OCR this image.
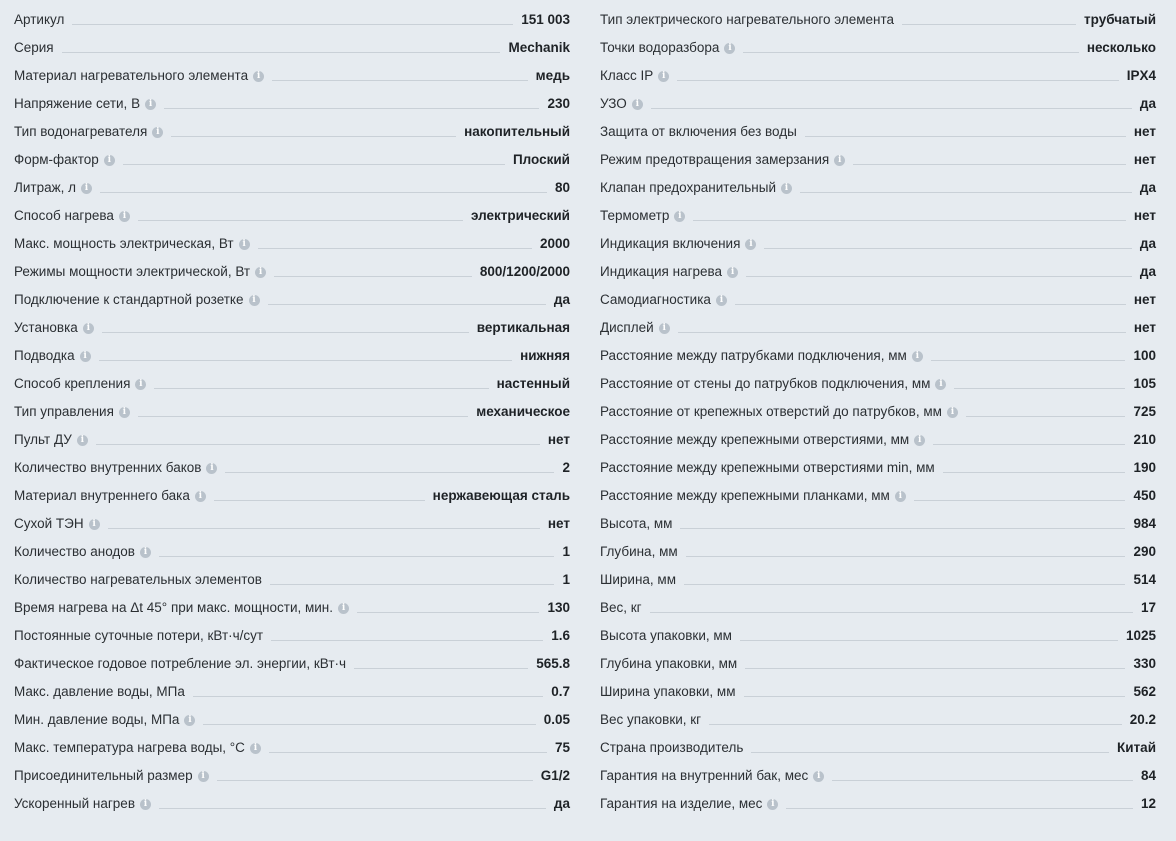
Артикул	151 003
Серия	Mechanik
Материал нагревательного элемента i	медь
Напряжение сети, В i	230
Тип водонагревателя i	накопительный
Форм-фактор i	Плоский
Литраж, л i	80
Способ нагрева i	электрический
Макс. мощность электрическая, Вт i	2000
Режимы мощности электрической, Вт i	800/1200/2000
Подключение к стандартной розетке i	да
Установка i	вертикальная
Подводка i	нижняя
Способ крепления i	настенный
Тип управления i	механическое
Пульт ДУ i	нет
Количество внутренних баков i	2
Материал внутреннего бака i	нержавеющая сталь
Сухой ТЭН i	нет
Количество анодов i	1
Количество нагревательных элементов	1
Время нагрева на Δt 45° при макс. мощности, мин. i	130
Постоянные суточные потери, кВт·ч/сут	1.6
Фактическое годовое потребление эл. энергии, кВт·ч	565.8
Макс. давление воды, МПа	0.7
Мин. давление воды, МПа i	0.05
Макс. температура нагрева воды, °С i	75
Присоединительный размер i	G1/2
Ускоренный нагрев i	да
Тип электрического нагревательного элемента	трубчатый
Точки водоразбора i	несколько
Класс IP i	IPX4
УЗО i	да
Защита от включения без воды	нет
Режим предотвращения замерзания i	нет
Клапан предохранительный i	да
Термометр i	нет
Индикация включения i	да
Индикация нагрева i	да
Самодиагностика i	нет
Дисплей i	нет
Расстояние между патрубками подключения, мм i	100
Расстояние от стены до патрубков подключения, мм i	105
Расстояние от крепежных отверстий до патрубков, мм i	725
Расстояние между крепежными отверстиями, мм i	210
Расстояние между крепежными отверстиями min, мм	190
Расстояние между крепежными планками, мм i	450
Высота, мм	984
Глубина, мм	290
Ширина, мм	514
Вес, кг	17
Высота упаковки, мм	1025
Глубина упаковки, мм	330
Ширина упаковки, мм	562
Вес упаковки, кг	20.2
Страна производитель	Китай
Гарантия на внутренний бак, мес i	84
Гарантия на изделие, мес i	12
